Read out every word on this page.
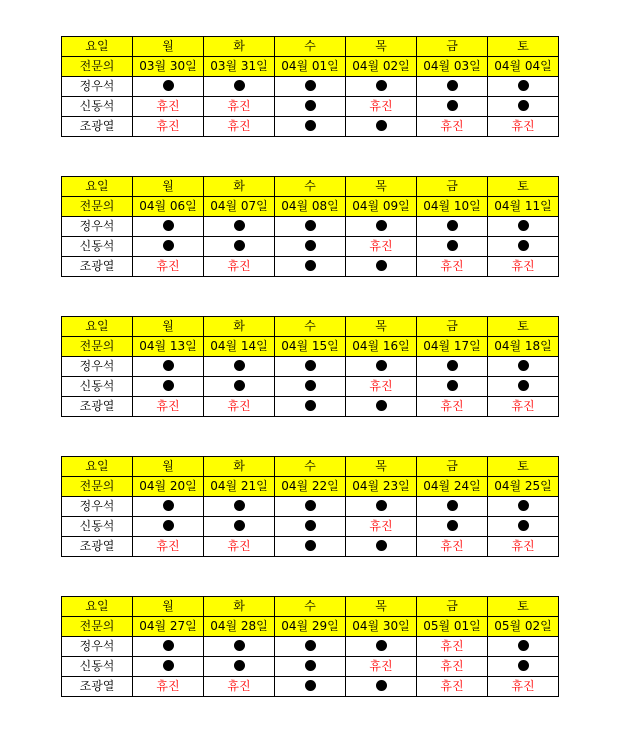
요일	월	화	수	목	금	토
전문의	03월 30일	03월 31일	04월 01일	04월 02일	04월 03일	04월 04일
정우석						
신동석	휴진	휴진		휴진		
조광열	휴진	휴진			휴진	휴진
요일	월	화	수	목	금	토
전문의	04월 06일	04월 07일	04월 08일	04월 09일	04월 10일	04월 11일
정우석						
신동석				휴진		
조광열	휴진	휴진			휴진	휴진
요일	월	화	수	목	금	토
전문의	04월 13일	04월 14일	04월 15일	04월 16일	04월 17일	04월 18일
정우석						
신동석				휴진		
조광열	휴진	휴진			휴진	휴진
요일	월	화	수	목	금	토
전문의	04월 20일	04월 21일	04월 22일	04월 23일	04월 24일	04월 25일
정우석						
신동석				휴진		
조광열	휴진	휴진			휴진	휴진
요일	월	화	수	목	금	토
전문의	04월 27일	04월 28일	04월 29일	04월 30일	05월 01일	05월 02일
정우석					휴진	
신동석				휴진	휴진	
조광열	휴진	휴진			휴진	휴진
